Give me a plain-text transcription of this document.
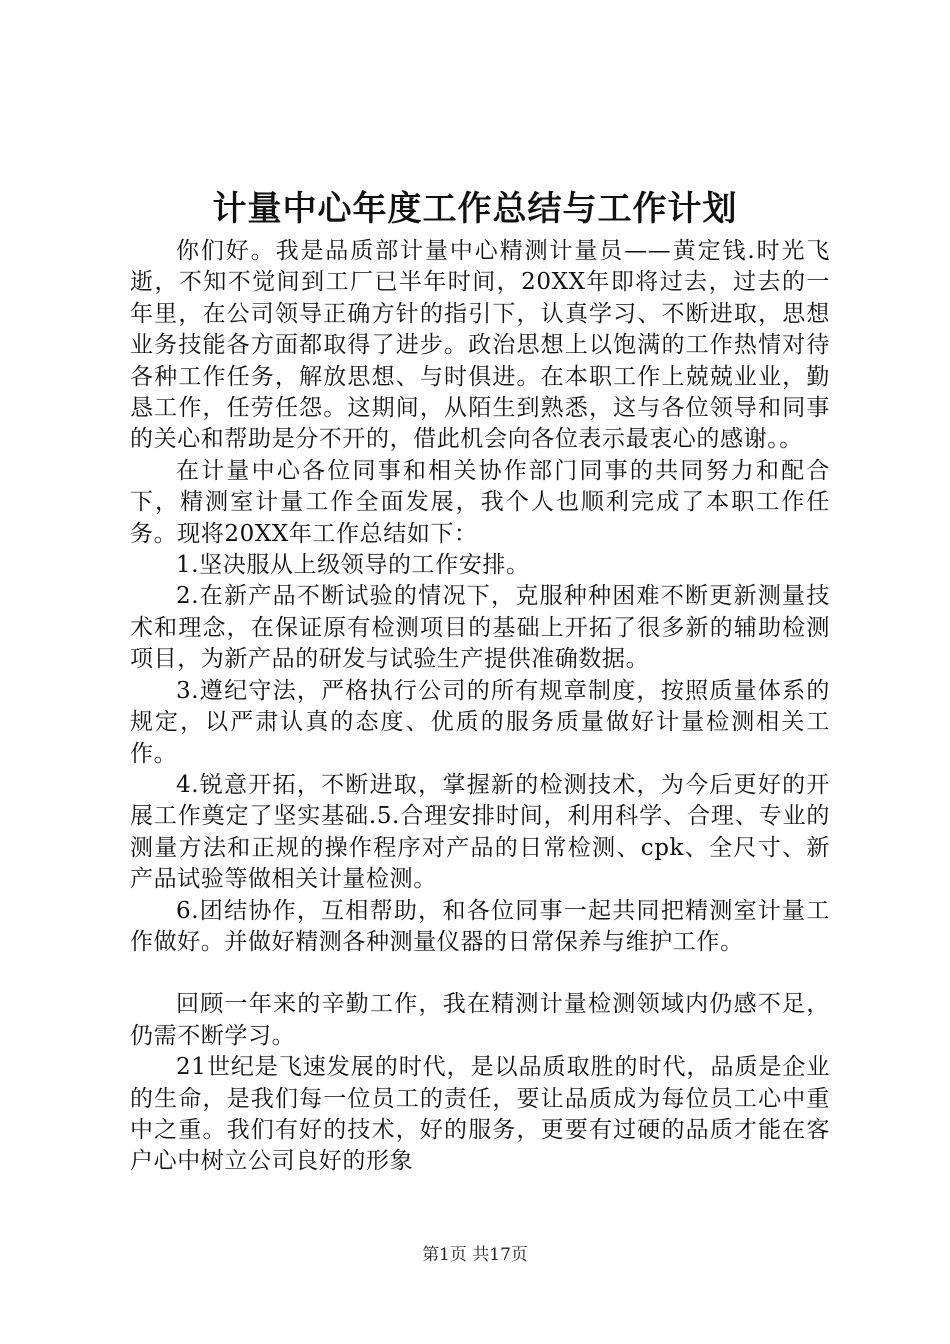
计量中心年度工作总结与工作计划

你们好。我是品质部计量中心精测计量员——黄定钱.时光飞逝，不知不觉间到工厂已半年时间，20XX年即将过去，过去的一年里，在公司领导正确方针的指引下，认真学习、不断进取，思想业务技能各方面都取得了进步。政治思想上以饱满的工作热情对待各种工作任务，解放思想、与时俱进。在本职工作上兢兢业业，勤恳工作，任劳任怨。这期间，从陌生到熟悉，这与各位领导和同事的关心和帮助是分不开的，借此机会向各位表示最衷心的感谢。。

在计量中心各位同事和相关协作部门同事的共同努力和配合下，精测室计量工作全面发展，我个人也顺利完成了本职工作任务。现将20XX年工作总结如下：

1.坚决服从上级领导的工作安排。

2.在新产品不断试验的情况下，克服种种困难不断更新测量技术和理念，在保证原有检测项目的基础上开拓了很多新的辅助检测项目，为新产品的研发与试验生产提供准确数据。

3.遵纪守法，严格执行公司的所有规章制度，按照质量体系的规定，以严肃认真的态度、优质的服务质量做好计量检测相关工作。

4.锐意开拓，不断进取，掌握新的检测技术，为今后更好的开展工作奠定了坚实基础.5.合理安排时间，利用科学、合理、专业的测量方法和正规的操作程序对产品的日常检测、cpk、全尺寸、新产品试验等做相关计量检测。

6.团结协作，互相帮助，和各位同事一起共同把精测室计量工作做好。并做好精测各种测量仪器的日常保养与维护工作。

回顾一年来的辛勤工作，我在精测计量检测领域内仍感不足，仍需不断学习。

21世纪是飞速发展的时代，是以品质取胜的时代，品质是企业的生命，是我们每一位员工的责任，要让品质成为每位员工心中重中之重。我们有好的技术，好的服务，更要有过硬的品质才能在客户心中树立公司良好的形象

第1页 共17页
